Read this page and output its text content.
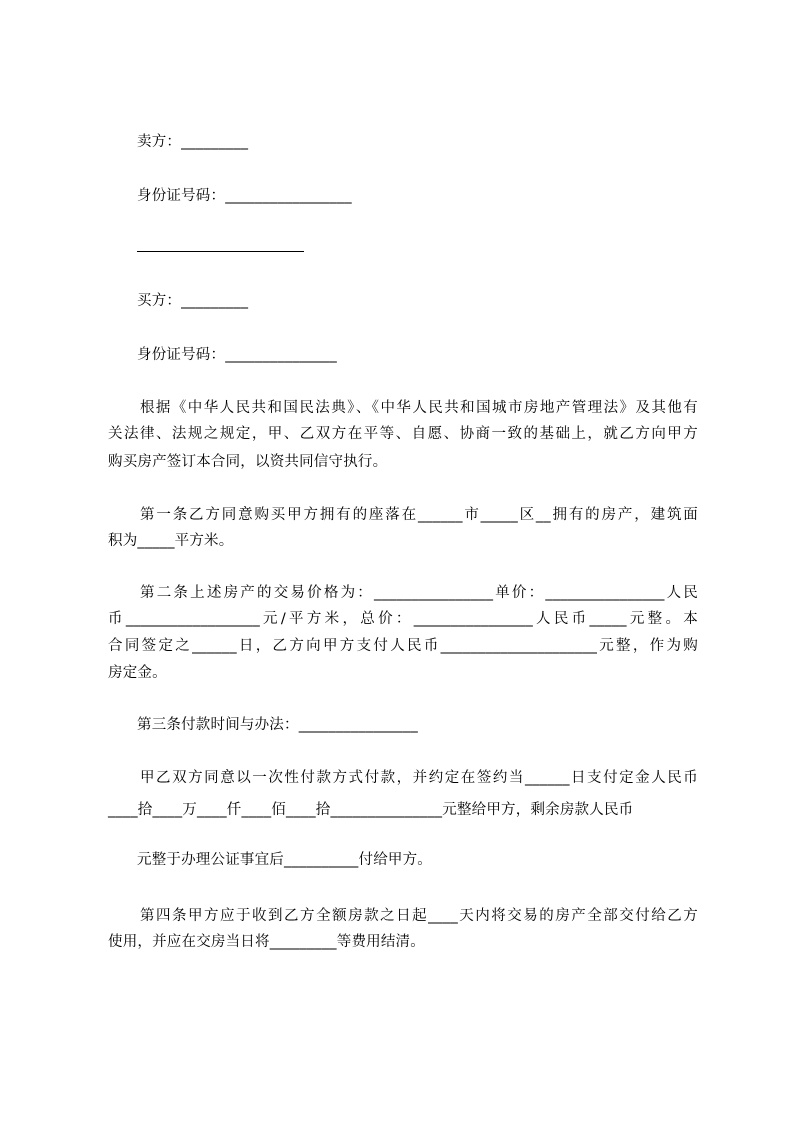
卖方：_________
身份证号码：_________________
买方：_________
身份证号码：_______________
根据《中华人民共和国民法典》、《中华人民共和国城市房地产管理法》及其他有
关法律、法规之规定，甲、乙双方在平等、自愿、协商一致的基础上，就乙方向甲方
购买房产签订本合同，以资共同信守执行。
第一条乙方同意购买甲方拥有的座落在______市_____区__拥有的房产，建筑面
积为_____平方米。
第二条上述房产的交易价格为：________________单价：________________人民
币__________________元/平方米，总价：________________人民币_____元整。本
合同签定之______日，乙方向甲方支付人民币_____________________元整，作为购
房定金。
第三条付款时间与办法：________________
甲乙双方同意以一次性付款方式付款，并约定在签约当______日支付定金人民币
____拾____万____仟____佰____拾_______________元整给甲方，剩余房款人民币
元整于办理公证事宜后__________付给甲方。
第四条甲方应于收到乙方全额房款之日起____天内将交易的房产全部交付给乙方
使用，并应在交房当日将_________等费用结清。
